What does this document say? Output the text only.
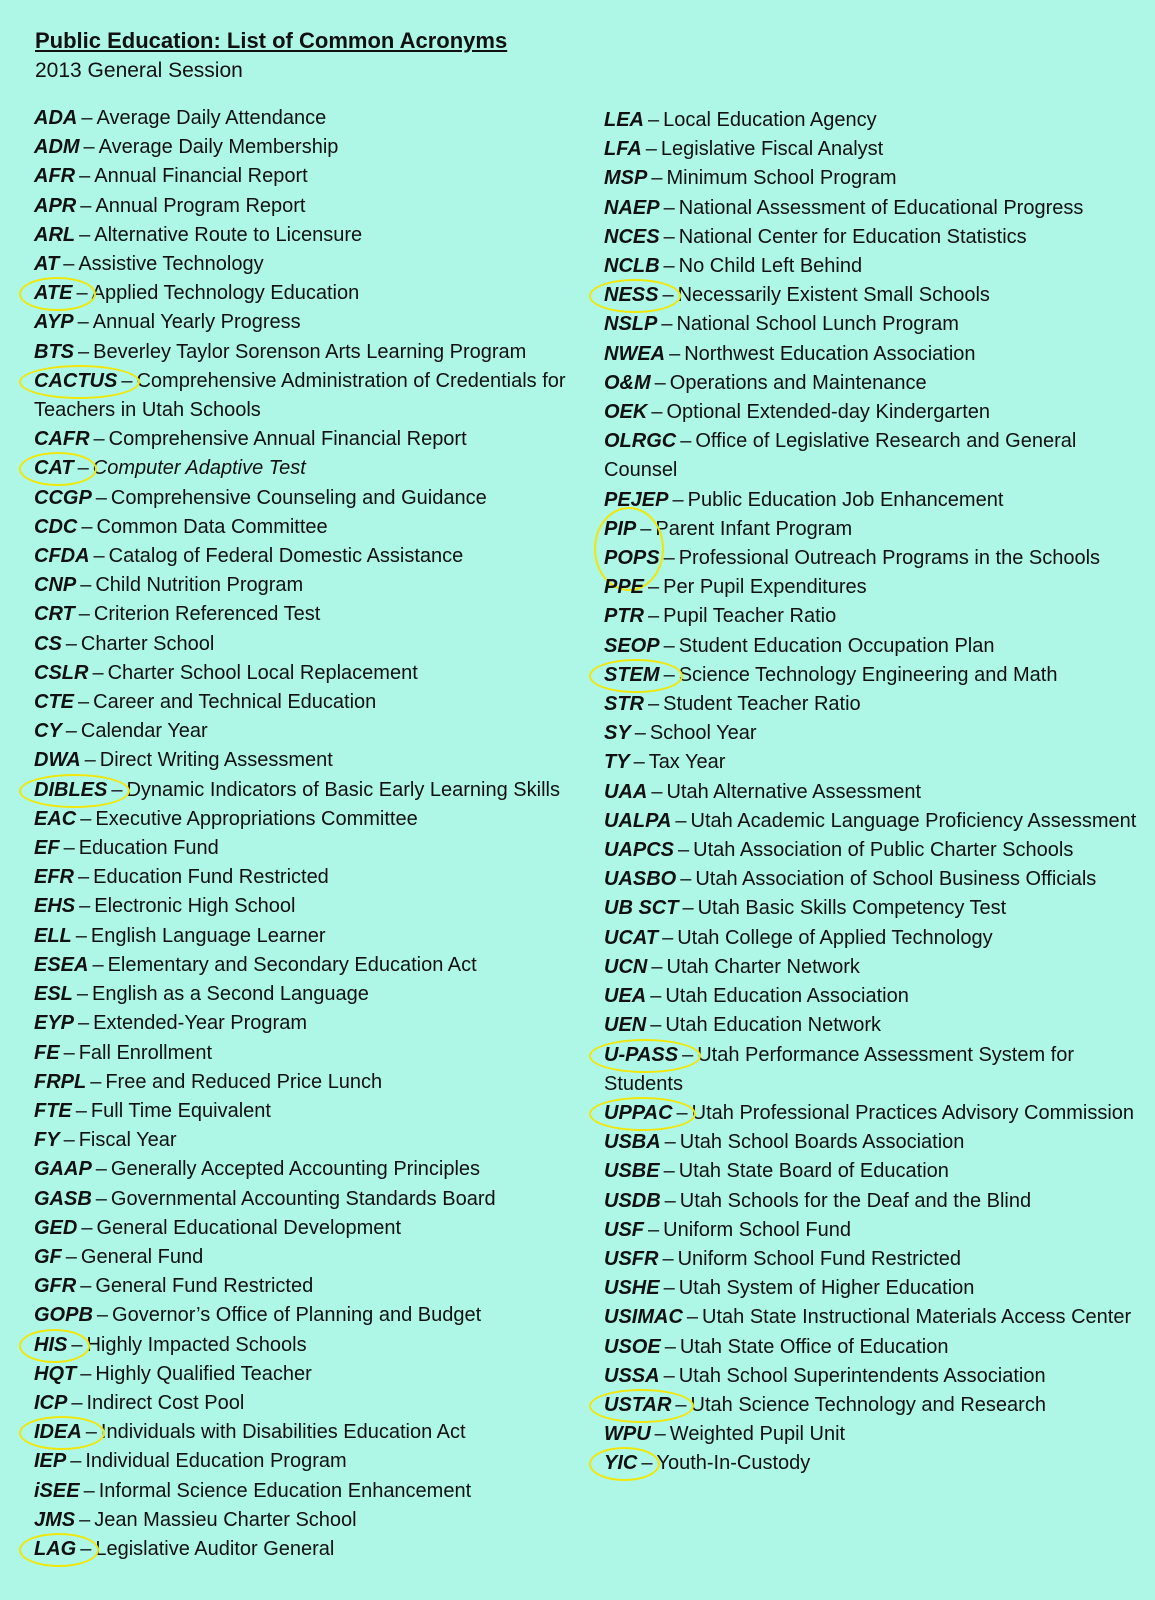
Public Education: List of Common Acronyms
2013 General Session
ADA – Average Daily Attendance
ADM – Average Daily Membership
AFR – Annual Financial Report
APR – Annual Program Report
ARL – Alternative Route to Licensure
AT – Assistive Technology
ATE – Applied Technology Education
AYP – Annual Yearly Progress
BTS – Beverley Taylor Sorenson Arts Learning Program
CACTUS – Comprehensive Administration of Credentials for Teachers in Utah Schools
CAFR – Comprehensive Annual Financial Report
CAT – Computer Adaptive Test
CCGP – Comprehensive Counseling and Guidance
CDC – Common Data Committee
CFDA – Catalog of Federal Domestic Assistance
CNP – Child Nutrition Program
CRT – Criterion Referenced Test
CS – Charter School
CSLR – Charter School Local Replacement
CTE – Career and Technical Education
CY – Calendar Year
DWA – Direct Writing Assessment
DIBLES – Dynamic Indicators of Basic Early Learning Skills
EAC – Executive Appropriations Committee
EF – Education Fund
EFR – Education Fund Restricted
EHS – Electronic High School
ELL – English Language Learner
ESEA – Elementary and Secondary Education Act
ESL – English as a Second Language
EYP – Extended-Year Program
FE – Fall Enrollment
FRPL – Free and Reduced Price Lunch
FTE – Full Time Equivalent
FY – Fiscal Year
GAAP – Generally Accepted Accounting Principles
GASB – Governmental Accounting Standards Board
GED – General Educational Development
GF – General Fund
GFR – General Fund Restricted
GOPB – Governor’s Office of Planning and Budget
HIS – Highly Impacted Schools
HQT – Highly Qualified Teacher
ICP – Indirect Cost Pool
IDEA – Individuals with Disabilities Education Act
IEP – Individual Education Program
iSEE – Informal Science Education Enhancement
JMS – Jean Massieu Charter School
LAG – Legislative Auditor General
LEA – Local Education Agency
LFA – Legislative Fiscal Analyst
MSP – Minimum School Program
NAEP – National Assessment of Educational Progress
NCES – National Center for Education Statistics
NCLB – No Child Left Behind
NESS – Necessarily Existent Small Schools
NSLP – National School Lunch Program
NWEA – Northwest Education Association
O&M – Operations and Maintenance
OEK – Optional Extended-day Kindergarten
OLRGC – Office of Legislative Research and General Counsel
PEJEP – Public Education Job Enhancement
PIP – Parent Infant Program
POPS – Professional Outreach Programs in the Schools
PPE – Per Pupil Expenditures
PTR – Pupil Teacher Ratio
SEOP – Student Education Occupation Plan
STEM – Science Technology Engineering and Math
STR – Student Teacher Ratio
SY – School Year
TY – Tax Year
UAA – Utah Alternative Assessment
UALPA – Utah Academic Language Proficiency Assessment
UAPCS – Utah Association of Public Charter Schools
UASBO – Utah Association of School Business Officials
UB SCT – Utah Basic Skills Competency Test
UCAT – Utah College of Applied Technology
UCN – Utah Charter Network
UEA – Utah Education Association
UEN – Utah Education Network
U-PASS – Utah Performance Assessment System for Students
UPPAC – Utah Professional Practices Advisory Commission
USBA – Utah School Boards Association
USBE – Utah State Board of Education
USDB – Utah Schools for the Deaf and the Blind
USF – Uniform School Fund
USFR – Uniform School Fund Restricted
USHE – Utah System of Higher Education
USIMAC – Utah State Instructional Materials Access Center
USOE – Utah State Office of Education
USSA – Utah School Superintendents Association
USTAR – Utah Science Technology and Research
WPU – Weighted Pupil Unit
YIC – Youth-In-Custody
